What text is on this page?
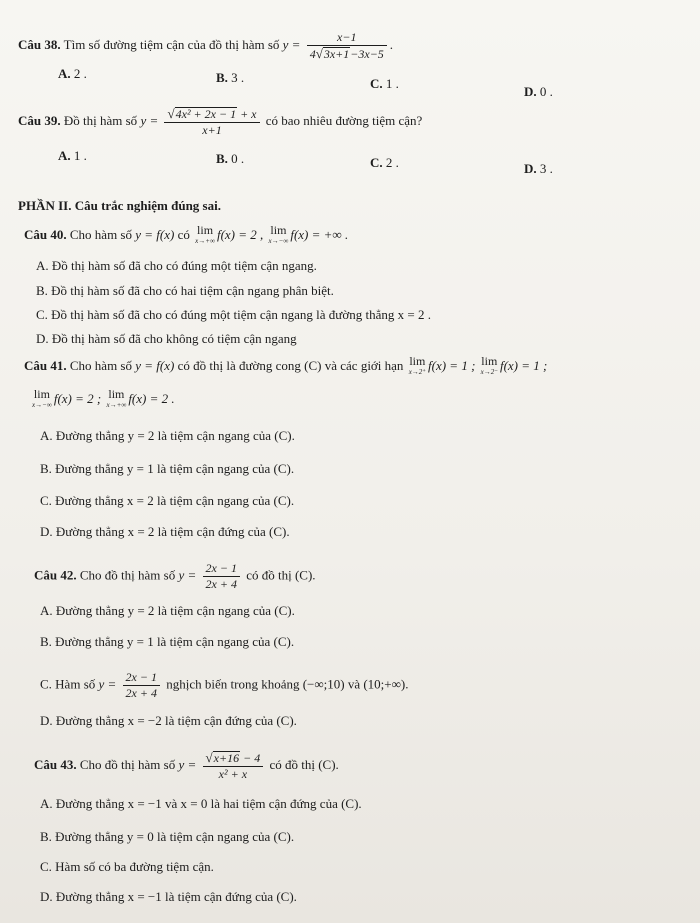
Câu 38. Tìm số đường tiệm cận của đồ thị hàm số $y = \frac{x-1}{4√3x+1-3x-5}$ .
A. 2 .	B. 3 .	C. 1 .
D. 0 .
Câu 39. Đồ thị hàm số $y = \frac{\text{√4x² + 2x − 1 + x}}{x+1}$ có bao nhiêu đường tiệm cận?
A. 1 .	B. 0 .	C. 2 .	D. 3 .
PHẦN II. Câu trắc nghiệm đúng sai.
Câu 40. Cho hàm số y = f(x) có lim
x→+∞ f(x) = 2 , lim
x→−∞ f(x) = +∞ .
A. Đồ thị hàm số đã cho có đúng một tiệm cận ngang.
B. Đồ thị hàm số đã cho có hai tiệm cận ngang phân biệt.
C. Đồ thị hàm số đã cho có đúng một tiệm cận ngang là đường thẳng x = 2 .
D. Đồ thị hàm số đã cho không có tiệm cận ngang
Câu 41. Cho hàm số y = f(x) có đồ thị là đường cong (C) và các giới hạn lim
x→2⁺ f(x) = 1 ; lim
x→2⁻ f(x) = 1 ;
lim
x→−∞ f(x) = 2 ; lim
x→+∞ f(x) = 2 .
A. Đường thẳng y = 2 là tiệm cận ngang của (C).
B. Đường thẳng y = 1 là tiệm cận ngang của (C).
C. Đường thẳng x = 2 là tiệm cận ngang của (C).
D. Đường thẳng x = 2 là tiệm cận đứng của (C).
Câu 42. Cho đồ thị hàm số $y = \frac{2x - 1}{2x + 4}$ có đồ thị (C).
A. Đường thẳng y = 2 là tiệm cận ngang của (C).
B. Đường thẳng y = 1 là tiệm cận ngang của (C).
C. Hàm số $y = \frac{2x - 1}{2x + 4}$ nghịch biến trong khoảng (−∞;10) và (10;+∞).
D. Đường thẳng x = −2 là tiệm cận đứng của (C).
Câu 43. Cho đồ thị hàm số $y = \frac{√x+16 - 4}{\text{x² + x}}$ có đồ thị (C).
A. Đường thẳng x = −1 và x = 0 là hai tiệm cận đứng của (C).
B. Đường thẳng y = 0 là tiệm cận ngang của (C).
C. Hàm số có ba đường tiệm cận.
D. Đường thẳng x = −1 là tiệm cận đứng của (C).
